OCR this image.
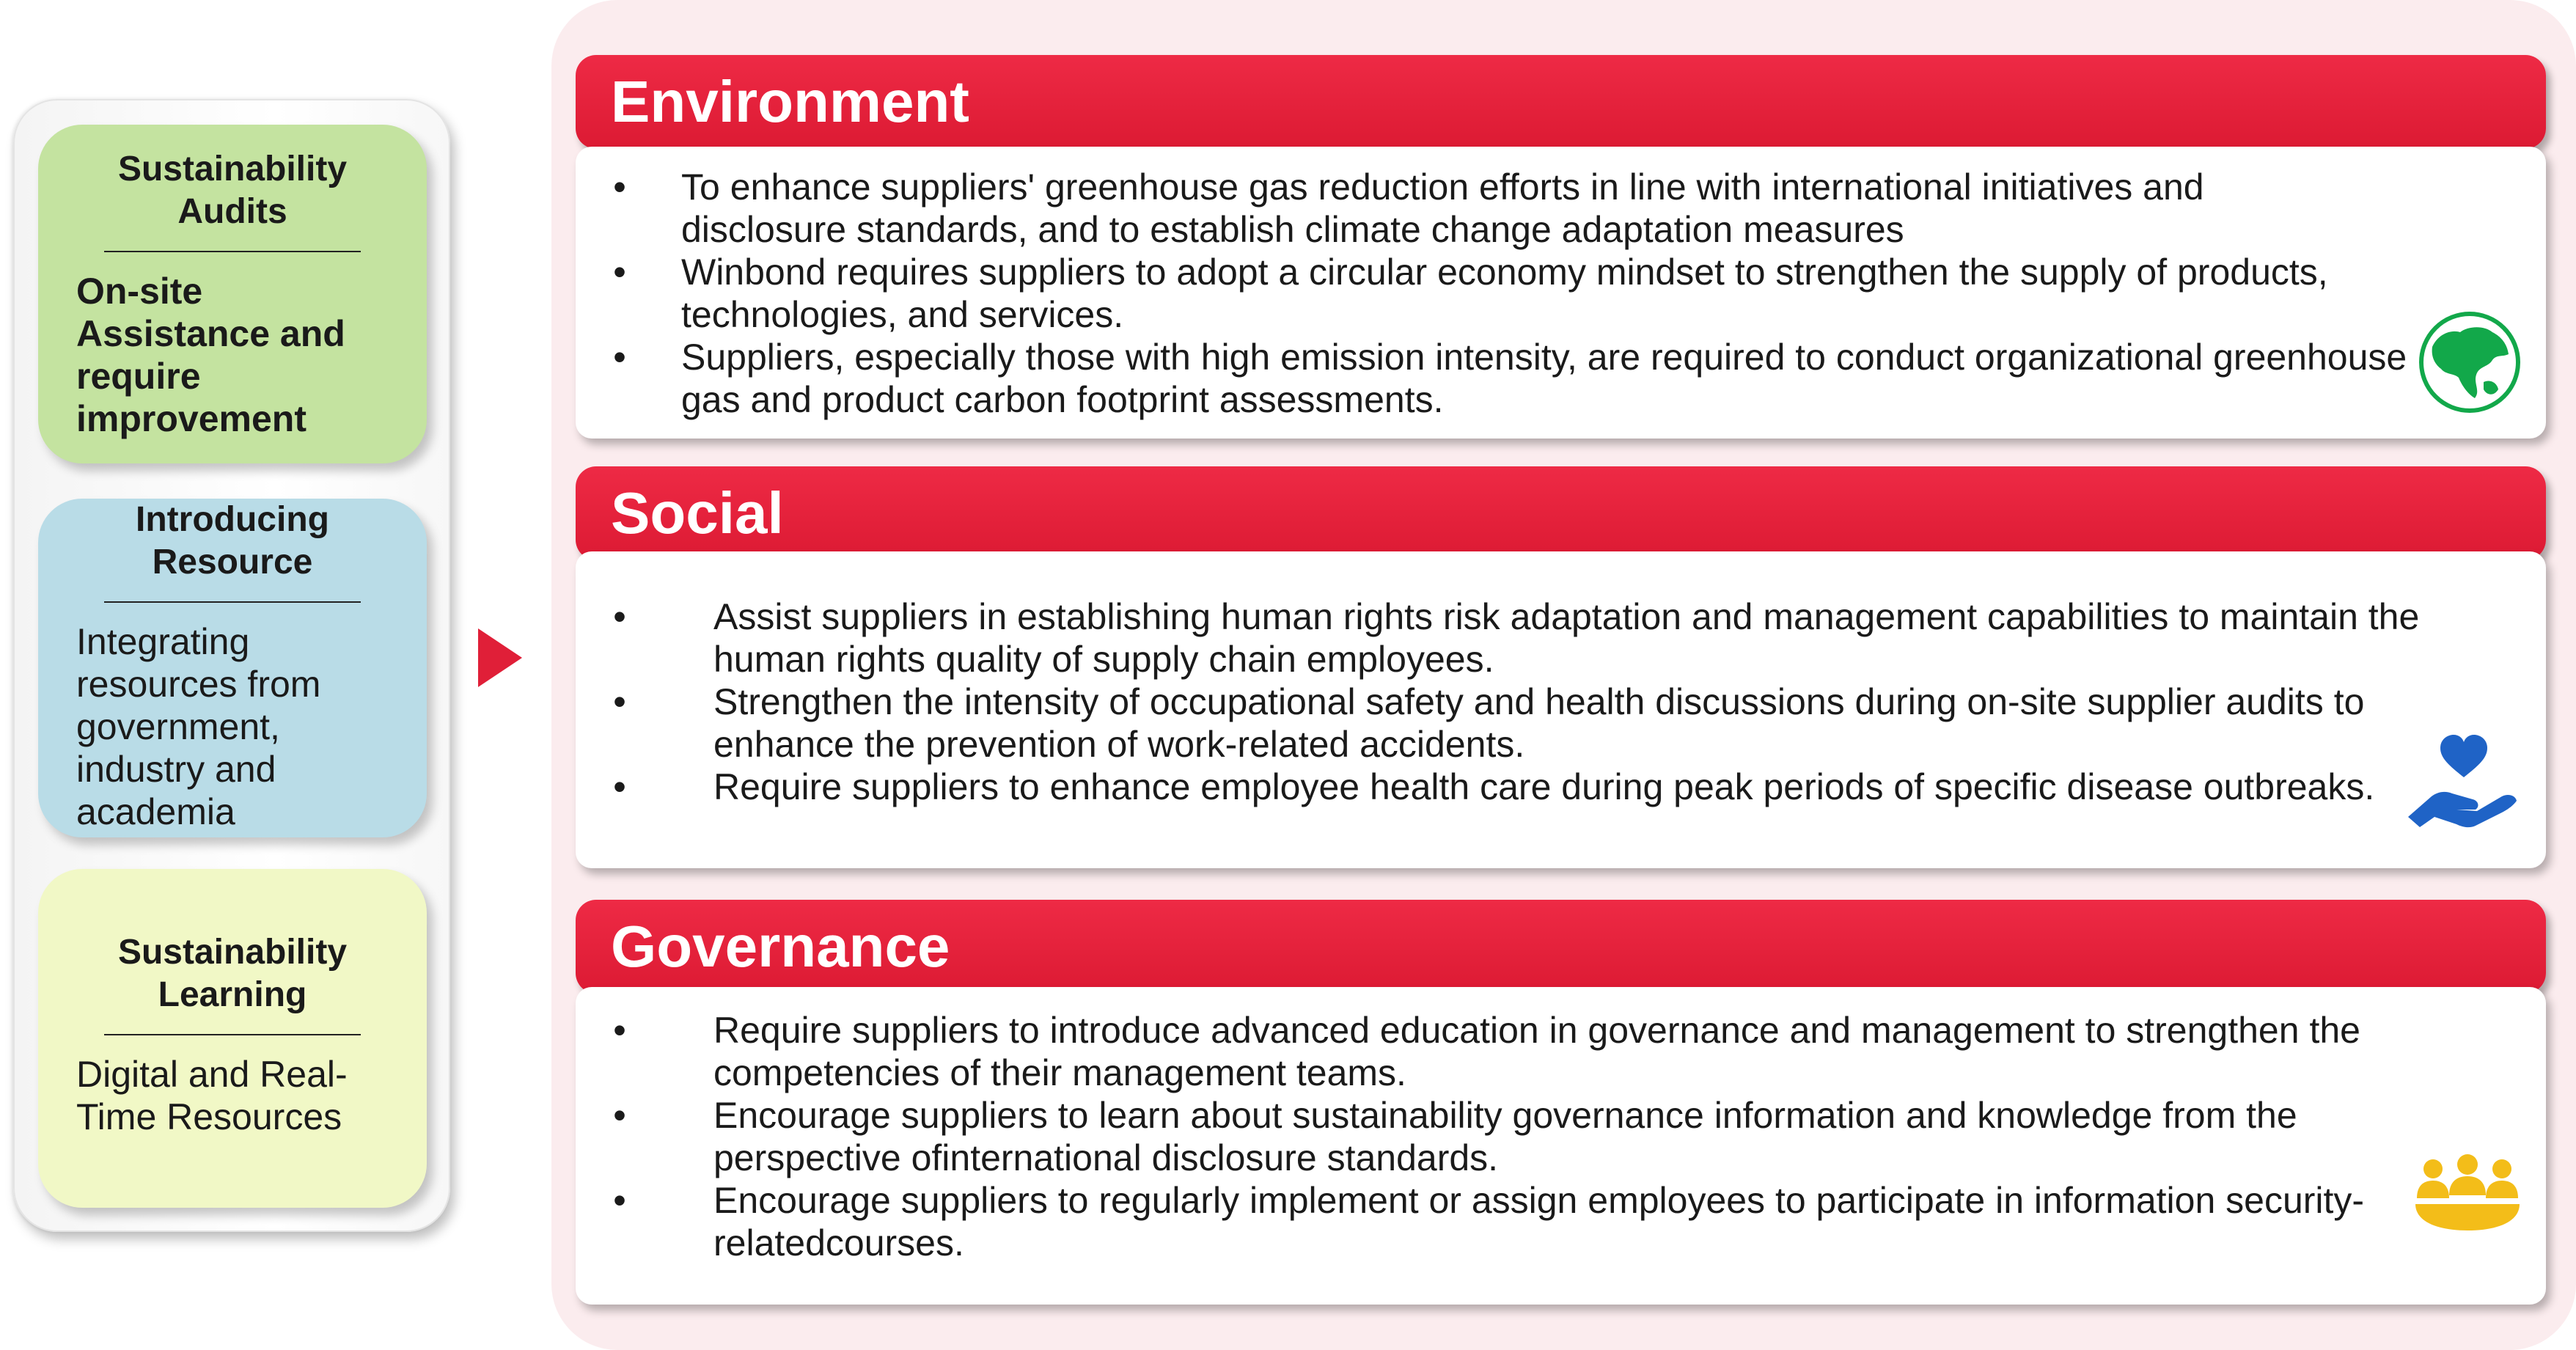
Sustainability Audits
On-site Assistance and require improvement
Introducing Resource
Integrating resources from government, industry and academia
Sustainability Learning
Digital and Real-Time Resources
Environment
• To enhance suppliers' greenhouse gas reduction efforts in line with international initiatives and disclosure standards, and to establish climate change adaptation measures
• Winbond requires suppliers to adopt a circular economy mindset to strengthen the supply of products, technologies, and services.
• Suppliers, especially those with high emission intensity, are required to conduct organizational greenhouse gas and product carbon footprint assessments.
Social
• Assist suppliers in establishing human rights risk adaptation and management capabilities to maintain the human rights quality of supply chain employees.
• Strengthen the intensity of occupational safety and health discussions during on-site supplier audits to enhance the prevention of work-related accidents.
• Require suppliers to enhance employee health care during peak periods of specific disease outbreaks.
Governance
• Require suppliers to introduce advanced education in governance and management to strengthen the competencies of their management teams.
• Encourage suppliers to learn about sustainability governance information and knowledge from the perspective ofinternational disclosure standards.
• Encourage suppliers to regularly implement or assign employees to participate in information security-relatedcourses.
